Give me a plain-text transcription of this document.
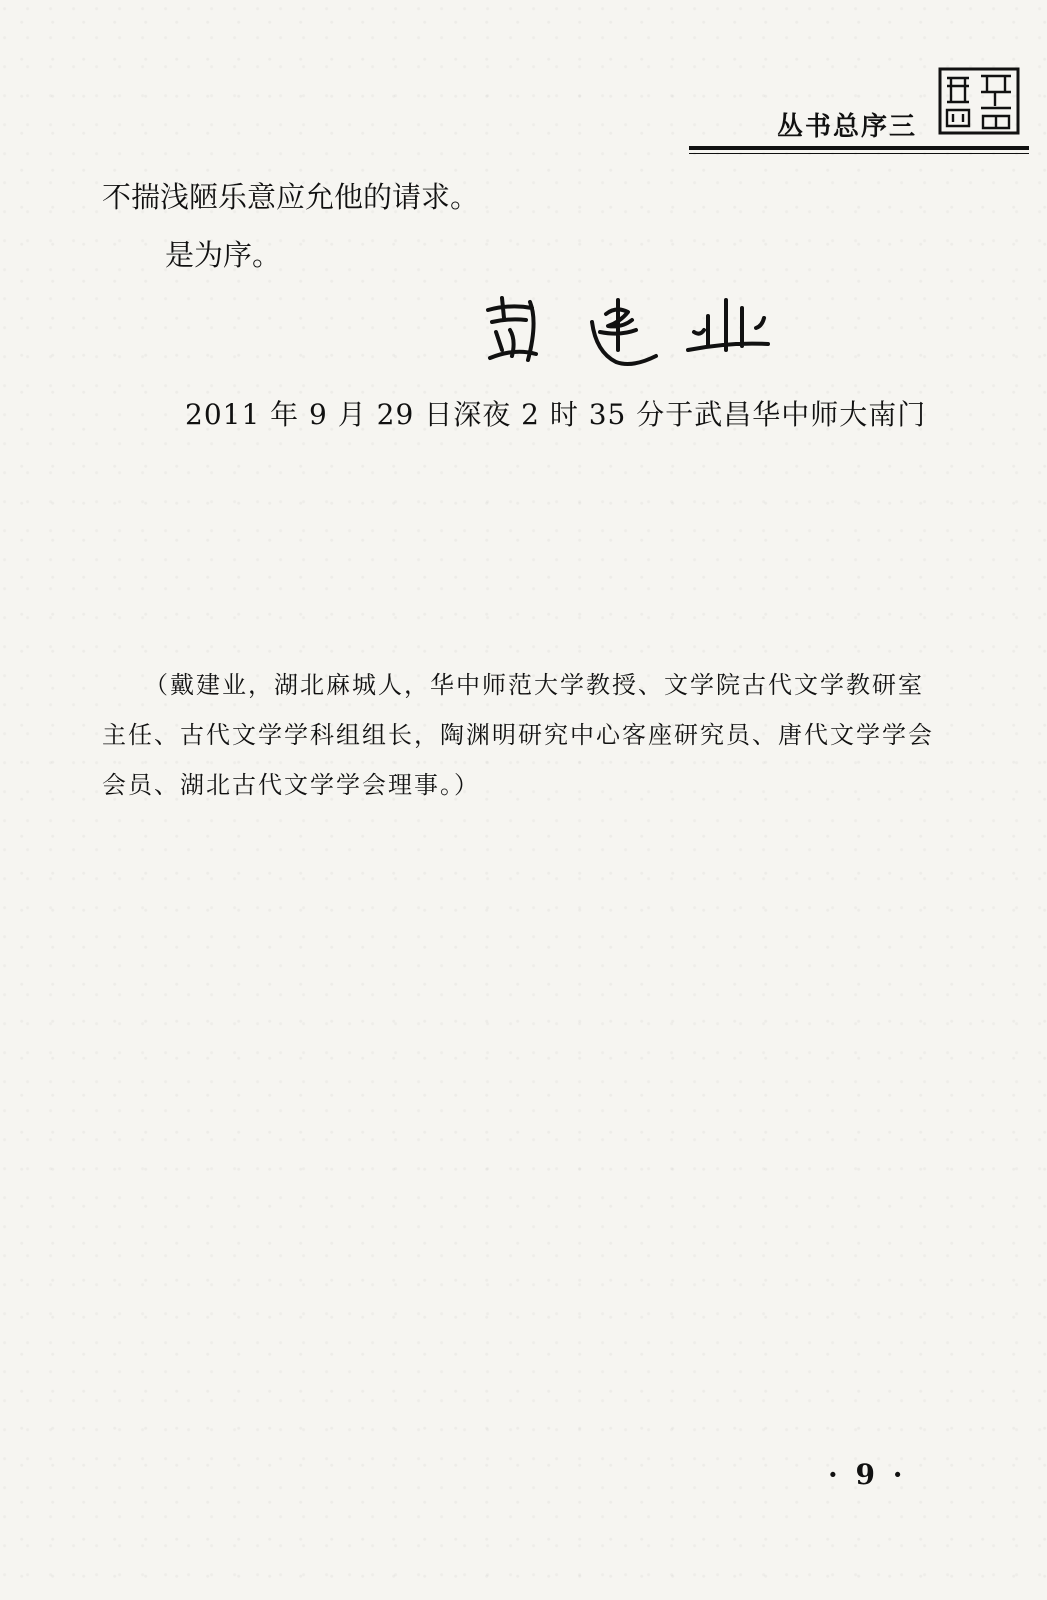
丛书总序三
不揣浅陋乐意应允他的请求。
是为序。
2011 年 9 月 29 日深夜 2 时 35 分于武昌华中师大南门

（戴建业，湖北麻城人，华中师范大学教授、文学院古代文学教研室主任、古代文学学科组组长，陶渊明研究中心客座研究员、唐代文学学会会员、湖北古代文学学会理事。）

· 9 ·
